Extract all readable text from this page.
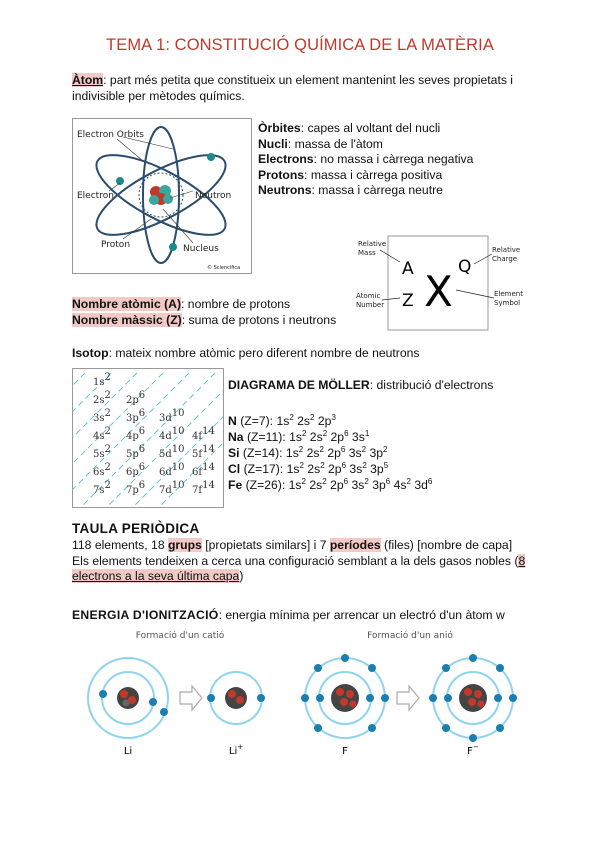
TEMA 1: CONSTITUCIÓ QUÍMICA DE LA MATÈRIA
Àtom: part més petita que constitueix un element mantenint les seves propietats i indivisible per mètodes químics.
Electron Orbits
Electron	Neutron
Proton	Nucleus
© Sciencifica
Òrbites: capes al voltant del nucli
Nucli: massa de l'àtom
Electrons: no massa i càrrega negativa
Protons: massa i càrrega positiva
Neutrons: massa i càrrega neutre
A
Z X Q
Relative
Mass
Atomic
Number
Relative
Charge
Element
Symbol
Nombre atòmic (A): nombre de protons
Nombre màssic (Z): suma de protons i neutrons
Isotop: mateix nombre atòmic pero diferent nombre de neutrons
1s2
2s2 2p6
3s2 3p6 3d10
4s2 4p6 4d10 4f14
5s2 5p6 5d10 5f14
6s2 6p6 6d10 6f14
7s2 7p6 7d10 7f14
DIAGRAMA DE MÖLLER: distribució d'electrons
N (Z=7): $1s^2$ $2s^2$ $2p^3$
Na (Z=11): $1s^2$ $2s^2$ $2p^6$ $3s^1$
Si (Z=14): $1s^2$ $2s^2$ $2p^6$ $3s^2$ $3p^2$
Cl (Z=17): $1s^2$ $2s^2$ $2p^6$ $3s^2$ $3p^5$
Fe (Z=26): $1s^2$ $2s^2$ $2p^6$ $3s^2$ $3p^6$ $4s^2$ $3d^6$
TAULA PERIÒDICA
118 elements, 18 grups [propietats similars] i 7 períodes (files) [nombre de capa]
Els elements tendeixen a cerca una configuració semblant a la dels gasos nobles (8
electrons a la seva última capa)
ENERGIA D'IONITZACIÓ: energia mínima per arrencar un electró d'un àtom w
Formació d'un catió	Formació d'un anió
Li	Li+	F	F−
